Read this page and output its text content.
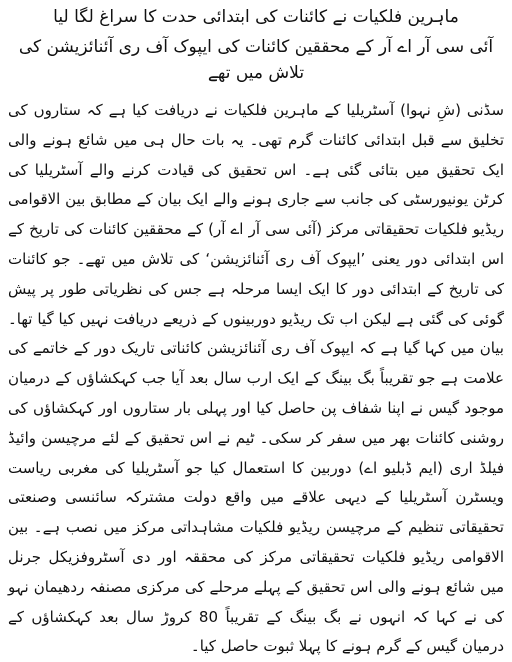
ماہرین فلکیات نے کائنات کی ابتدائی حدت کا سراغ لگا لیا
آئی سی آر اے آر کے محققین کائنات کی ایپوک آف ری آئنائزیشن کی تلاش میں تھے

سڈنی (شِ نہوا) آسٹریلیا کے ماہرین فلکیات نے دریافت کیا ہے کہ ستاروں کی تخلیق سے قبل ابتدائی کائنات گرم تھی۔ یہ بات حال ہی میں شائع ہونے والی ایک تحقیق میں بتائی گئی ہے۔ اس تحقیق کی قیادت کرنے والے آسٹریلیا کی کرٹن یونیورسٹی کی جانب سے جاری ہونے والے ایک بیان کے مطابق بین الاقوامی ریڈیو فلکیات تحقیقاتی مرکز (آئی سی آر اے آر) کے محققین کائنات کی تاریخ کے اس ابتدائی دور یعنی ’ایپوک آف ری آئنائزیشن‘ کی تلاش میں تھے۔ جو کائنات کی تاریخ کے ابتدائی دور کا ایک ایسا مرحلہ ہے جس کی نظریاتی طور پر پیش گوئی کی گئی ہے لیکن اب تک ریڈیو دوربینوں کے ذریعے دریافت نہیں کیا گیا تھا۔ بیان میں کہا گیا ہے کہ ایپوک آف ری آئنائزیشن کائناتی تاریک دور کے خاتمے کی علامت ہے جو تقریباً بگ بینگ کے ایک ارب سال بعد آیا جب کہکشاؤں کے درمیان موجود گیس نے اپنا شفاف پن حاصل کیا اور پہلی بار ستاروں اور کہکشاؤں کی روشنی کائنات بھر میں سفر کر سکی۔ ٹیم نے اس تحقیق کے لئے مرچیسن وائیڈ فیلڈ اری (ایم ڈبلیو اے) دوربین کا استعمال کیا جو آسٹریلیا کی مغربی ریاست ویسٹرن آسٹریلیا کے دیہی علاقے میں واقع دولت مشترکہ سائنسی وصنعتی تحقیقاتی تنظیم کے مرچیسن ریڈیو فلکیات مشاہداتی مرکز میں نصب ہے۔ بین الاقوامی ریڈیو فلکیات تحقیقاتی مرکز کی محققہ اور دی آسٹروفزیکل جرنل میں شائع ہونے والی اس تحقیق کے پہلے مرحلے کی مرکزی مصنفہ ردھیمان نہو کی نے کہا کہ انہوں نے بگ بینگ کے تقریباً 80 کروڑ سال بعد کہکشاؤں کے درمیان گیس کے گرم ہونے کا پہلا ثبوت حاصل کیا۔
